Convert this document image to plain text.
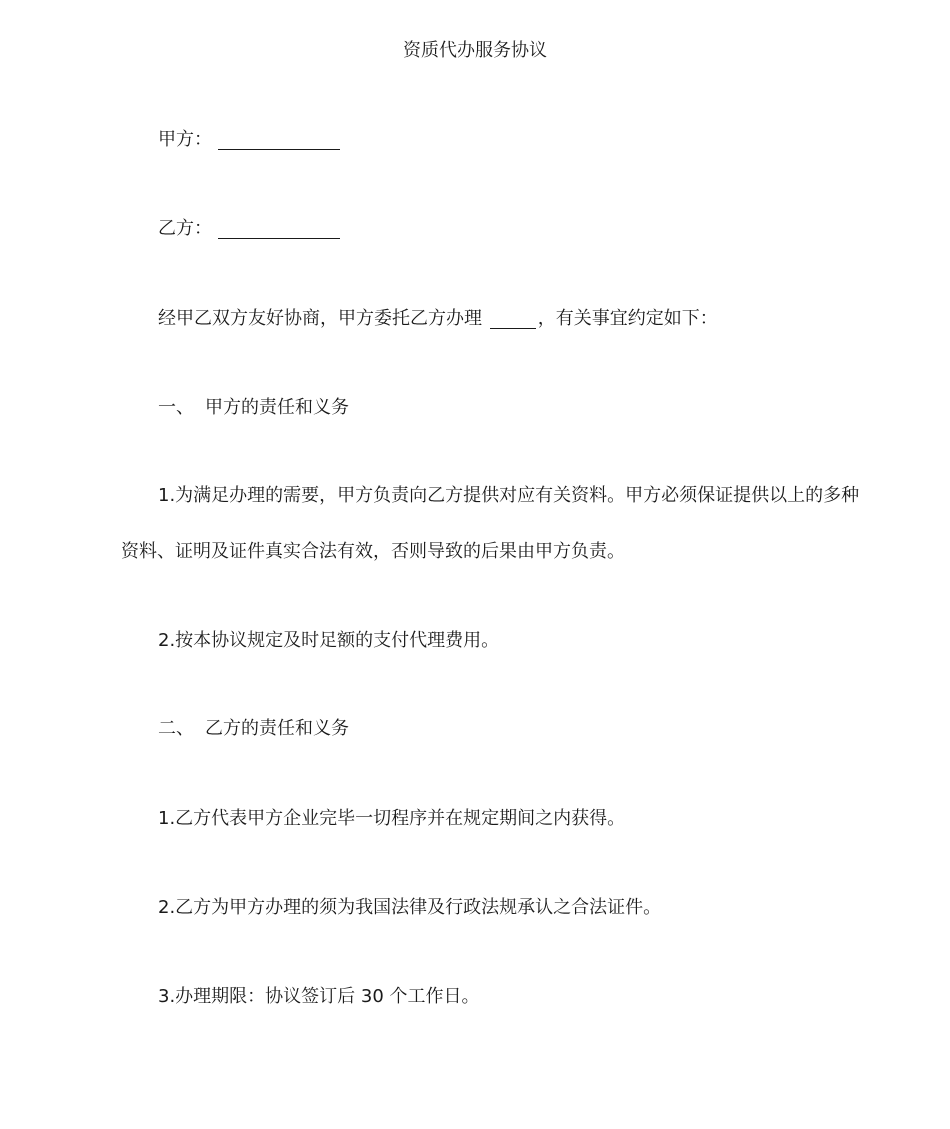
资质代办服务协议
甲方：
乙方：
经甲乙双方友好协商，甲方委托乙方办理	，有关事宜约定如下：
一、 甲方的责任和义务
1.为满足办理的需要，甲方负责向乙方提供对应有关资料。甲方必须保证提供以上的多种
资料、证明及证件真实合法有效，否则导致的后果由甲方负责。
2.按本协议规定及时足额的支付代理费用。
二、 乙方的责任和义务
1.乙方代表甲方企业完毕一切程序并在规定期间之内获得。
2.乙方为甲方办理的须为我国法律及行政法规承认之合法证件。
3.办理期限：协议签订后 30 个工作日。
